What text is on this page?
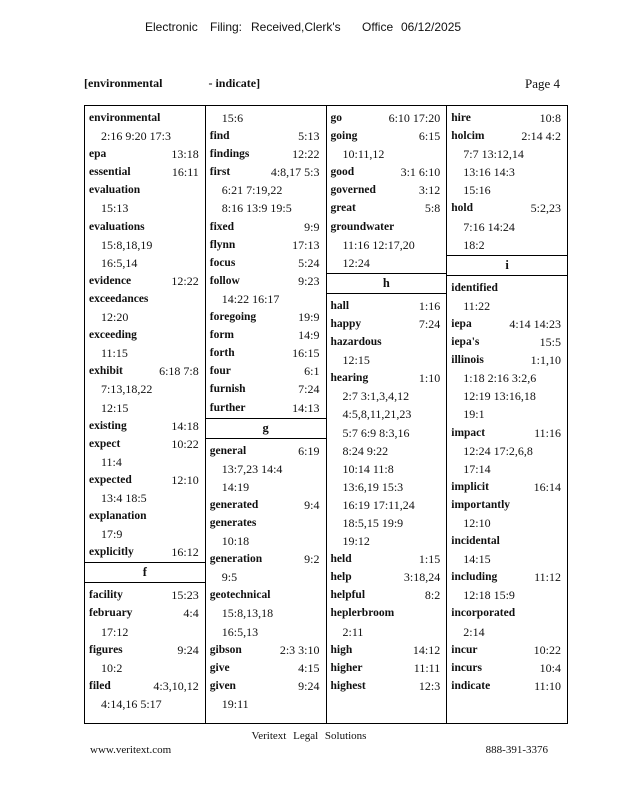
Electronic Filing: Received,Clerk's Office 06/12/2025
[environmental	- indicate]	Page 4
environmental
2:16 9:20 17:3
epa	13:18
essential	16:11
evaluation
15:13
evaluations
15:8,18,19
16:5,14
evidence	12:22
exceedances
12:20
exceeding
11:15
exhibit	6:18 7:8
7:13,18,22
12:15
existing	14:18
expect	10:22
11:4
expected	12:10
13:4 18:5
explanation
17:9
explicitly	16:12
f
facility	15:23
february	4:4
17:12
figures	9:24
10:2
filed	4:3,10,12
4:14,16 5:17
15:6
find	5:13
findings	12:22
first	4:8,17 5:3
6:21 7:19,22
8:16 13:9 19:5
fixed	9:9
flynn	17:13
focus	5:24
follow	9:23
14:22 16:17
foregoing	19:9
form	14:9
forth	16:15
four	6:1
furnish	7:24
further	14:13
g
general	6:19
13:7,23 14:4
14:19
generated	9:4
generates
10:18
generation	9:2
9:5
geotechnical
15:8,13,18
16:5,13
gibson	2:3 3:10
give	4:15
given	9:24
19:11
go	6:10 17:20
going	6:15
10:11,12
good	3:1 6:10
governed	3:12
great	5:8
groundwater
11:16 12:17,20
12:24
h
hall	1:16
happy	7:24
hazardous
12:15
hearing	1:10
2:7 3:1,3,4,12
4:5,8,11,21,23
5:7 6:9 8:3,16
8:24 9:22
10:14 11:8
13:6,19 15:3
16:19 17:11,24
18:5,15 19:9
19:12
held	1:15
help	3:18,24
helpful	8:2
heplerbroom
2:11
high	14:12
higher	11:11
highest	12:3
hire	10:8
holcim	2:14 4:2
7:7 13:12,14
13:16 14:3
15:16
hold	5:2,23
7:16 14:24
18:2
i
identified
11:22
iepa	4:14 14:23
iepa's	15:5
illinois	1:1,10
1:18 2:16 3:2,6
12:19 13:16,18
19:1
impact	11:16
12:24 17:2,6,8
17:14
implicit	16:14
importantly
12:10
incidental
14:15
including	11:12
12:18 15:9
incorporated
2:14
incur	10:22
incurs	10:4
indicate	11:10
Veritext Legal Solutions
www.veritext.com	888-391-3376
